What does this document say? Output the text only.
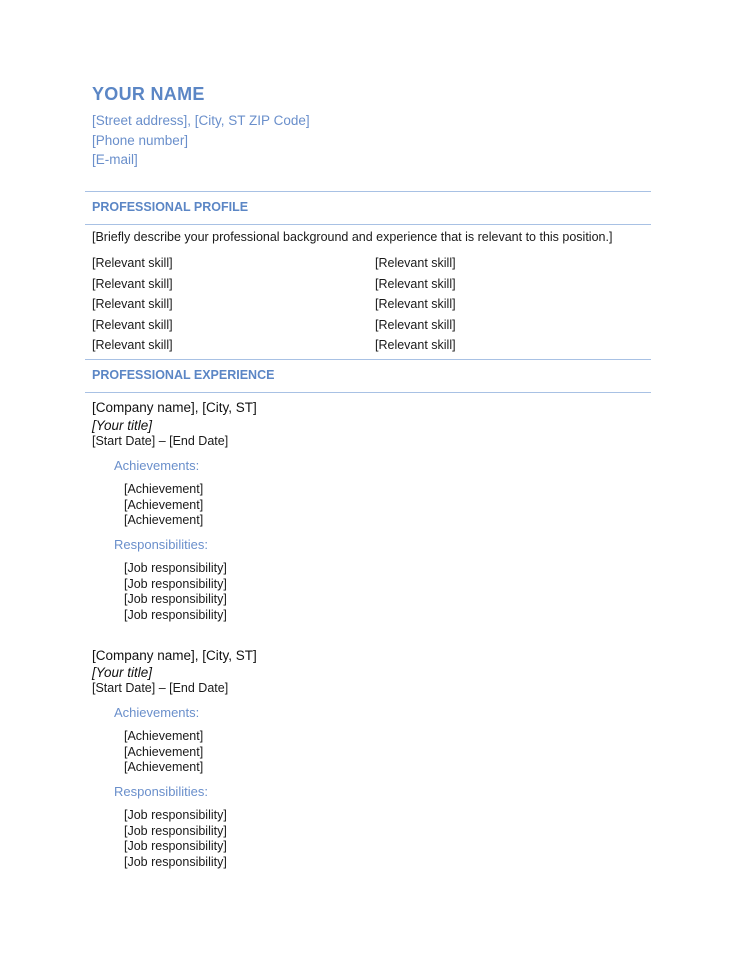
YOUR NAME
[Street address], [City, ST ZIP Code]
[Phone number]
[E-mail]
PROFESSIONAL PROFILE
[Briefly describe your professional background and experience that is relevant to this position.]
[Relevant skill]
[Relevant skill]
[Relevant skill]
[Relevant skill]
[Relevant skill]
[Relevant skill]
[Relevant skill]
[Relevant skill]
[Relevant skill]
[Relevant skill]
PROFESSIONAL EXPERIENCE
[Company name], [City, ST]
[Your title]
[Start Date] – [End Date]
Achievements:
[Achievement]
[Achievement]
[Achievement]
Responsibilities:
[Job responsibility]
[Job responsibility]
[Job responsibility]
[Job responsibility]
[Company name], [City, ST]
[Your title]
[Start Date] – [End Date]
Achievements:
[Achievement]
[Achievement]
[Achievement]
Responsibilities:
[Job responsibility]
[Job responsibility]
[Job responsibility]
[Job responsibility]
